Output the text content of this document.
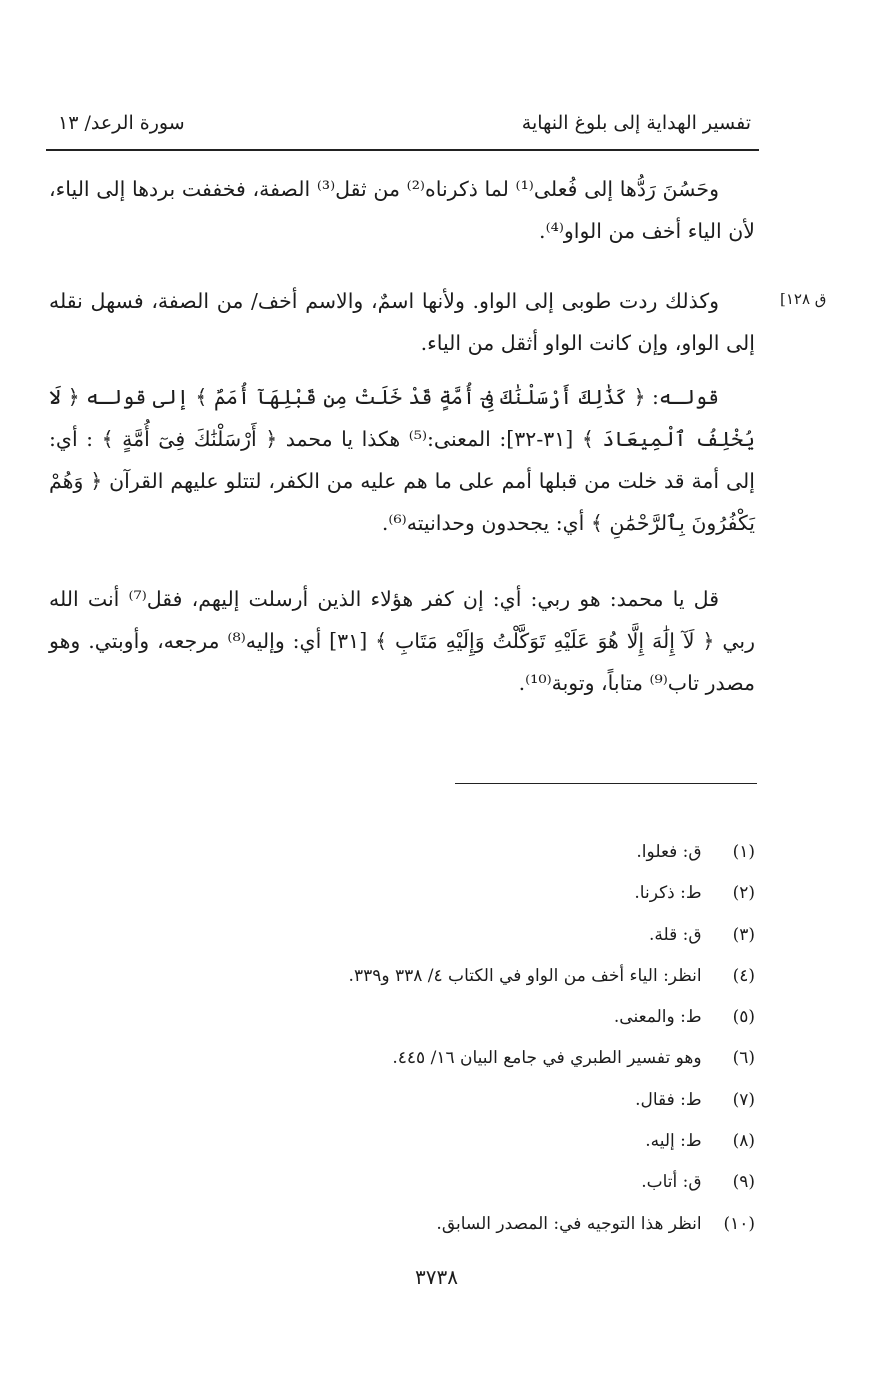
تفسير الهداية إلى بلوغ النهاية
سورة الرعد/ ١٣
ق ١٢٨]

وحَسُنَ رَدُّها إلى فُعلى⁽¹⁾ لما ذكرناه⁽²⁾ من ثقل⁽³⁾ الصفة، فخففت بردها إلى الياء، لأن الياء أخف من الواو⁽⁴⁾.

وكذلك ردت طوبى إلى الواو. ولأنها اسمٌ، والاسم أخف/ من الصفة، فسهل نقله إلى الواو، وإن كانت الواو أثقل من الياء.

قولـه: ﴿ كَذَٰلِكَ أَرْسَلْنَٰكَ فِىٓ أُمَّةٍ قَدْ خَلَتْ مِن قَبْلِهَآ أُمَمٌ ﴾ إلى قولـه ﴿ لَا يُخْلِفُ ٱلْمِيعَادَ ﴾ [٣١-٣٢]: المعنى:⁽⁵⁾ هكذا يا محمد ﴿ أَرْسَلْنَٰكَ فِىٓ أُمَّةٍ ﴾ : أي: إلى أمة قد خلت من قبلها أمم على ما هم عليه من الكفر، لتتلو عليهم القرآن ﴿ وَهُمْ يَكْفُرُونَ بِٱلرَّحْمَٰنِ ﴾ أي: يجحدون وحدانيته⁽⁶⁾.

قل يا محمد: هو ربي: أي: إن كفر هؤلاء الذين أرسلت إليهم، فقل⁽⁷⁾ أنت الله ربي ﴿ لَآ إِلَٰهَ إِلَّا هُوَ عَلَيْهِ تَوَكَّلْتُ وَإِلَيْهِ مَتَابِ ﴾ [٣١] أي: وإليه⁽⁸⁾ مرجعه، وأوبتي. وهو مصدر تاب⁽⁹⁾ متاباً، وتوبة⁽¹⁰⁾.

(١) ق: فعلوا.
(٢) ط: ذكرنا.
(٣) ق: قلة.
(٤) انظر: الياء أخف من الواو في الكتاب ٤/ ٣٣٨ و٣٣٩.
(٥) ط: والمعنى.
(٦) وهو تفسير الطبري في جامع البيان ١٦/ ٤٤٥.
(٧) ط: فقال.
(٨) ط: إليه.
(٩) ق: أتاب.
(١٠) انظر هذا التوجيه في: المصدر السابق.
٣٧٣٨
